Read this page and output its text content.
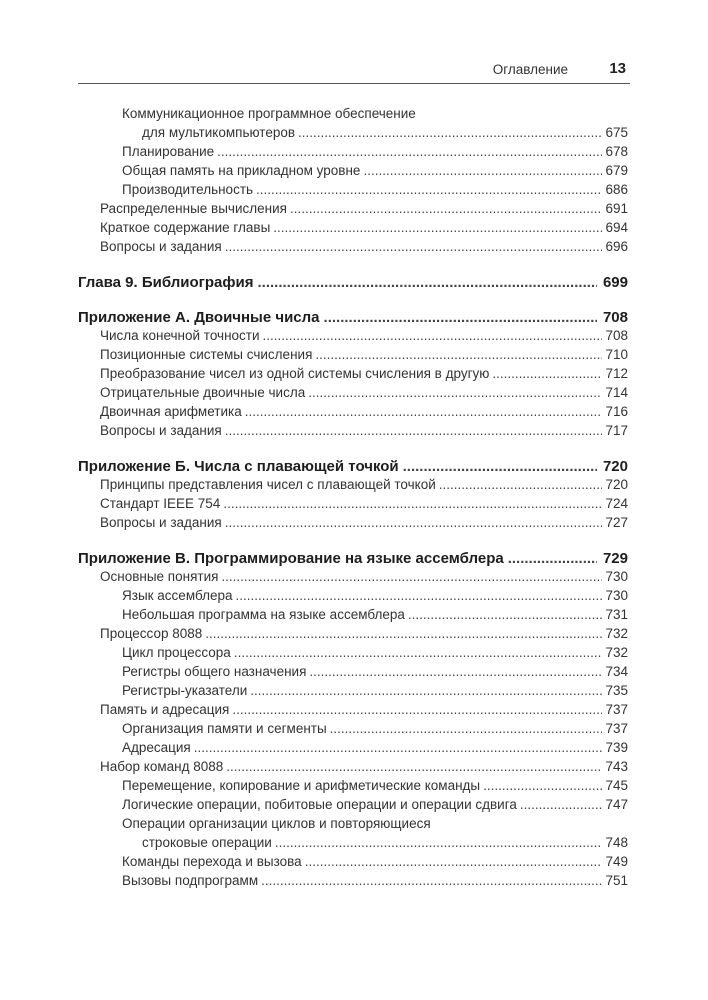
Оглавление	13
Коммуникационное программное обеспечение
для мультикомпьютеров .....	675
Планирование .....	678
Общая память на прикладном уровне .....	679
Производительность .....	686
Распределенные вычисления .....	691
Краткое содержание главы .....	694
Вопросы и задания .....	696
Глава 9. Библиография .....	699
Приложение А. Двоичные числа .....	708
Числа конечной точности .....	708
Позиционные системы счисления .....	710
Преобразование чисел из одной системы счисления в другую .....	712
Отрицательные двоичные числа .....	714
Двоичная арифметика .....	716
Вопросы и задания .....	717
Приложение Б. Числа с плавающей точкой .....	720
Принципы представления чисел с плавающей точкой .....	720
Стандарт IEEE 754 .....	724
Вопросы и задания .....	727
Приложение В. Программирование на языке ассемблера .....	729
Основные понятия .....	730
Язык ассемблера .....	730
Небольшая программа на языке ассемблера .....	731
Процессор 8088 .....	732
Цикл процессора .....	732
Регистры общего назначения .....	734
Регистры-указатели .....	735
Память и адресация .....	737
Организация памяти и сегменты .....	737
Адресация .....	739
Набор команд 8088 .....	743
Перемещение, копирование и арифметические команды .....	745
Логические операции, побитовые операции и операции сдвига .....	747
Операции организации циклов и повторяющиеся
строковые операции .....	748
Команды перехода и вызова .....	749
Вызовы подпрограмм .....	751
